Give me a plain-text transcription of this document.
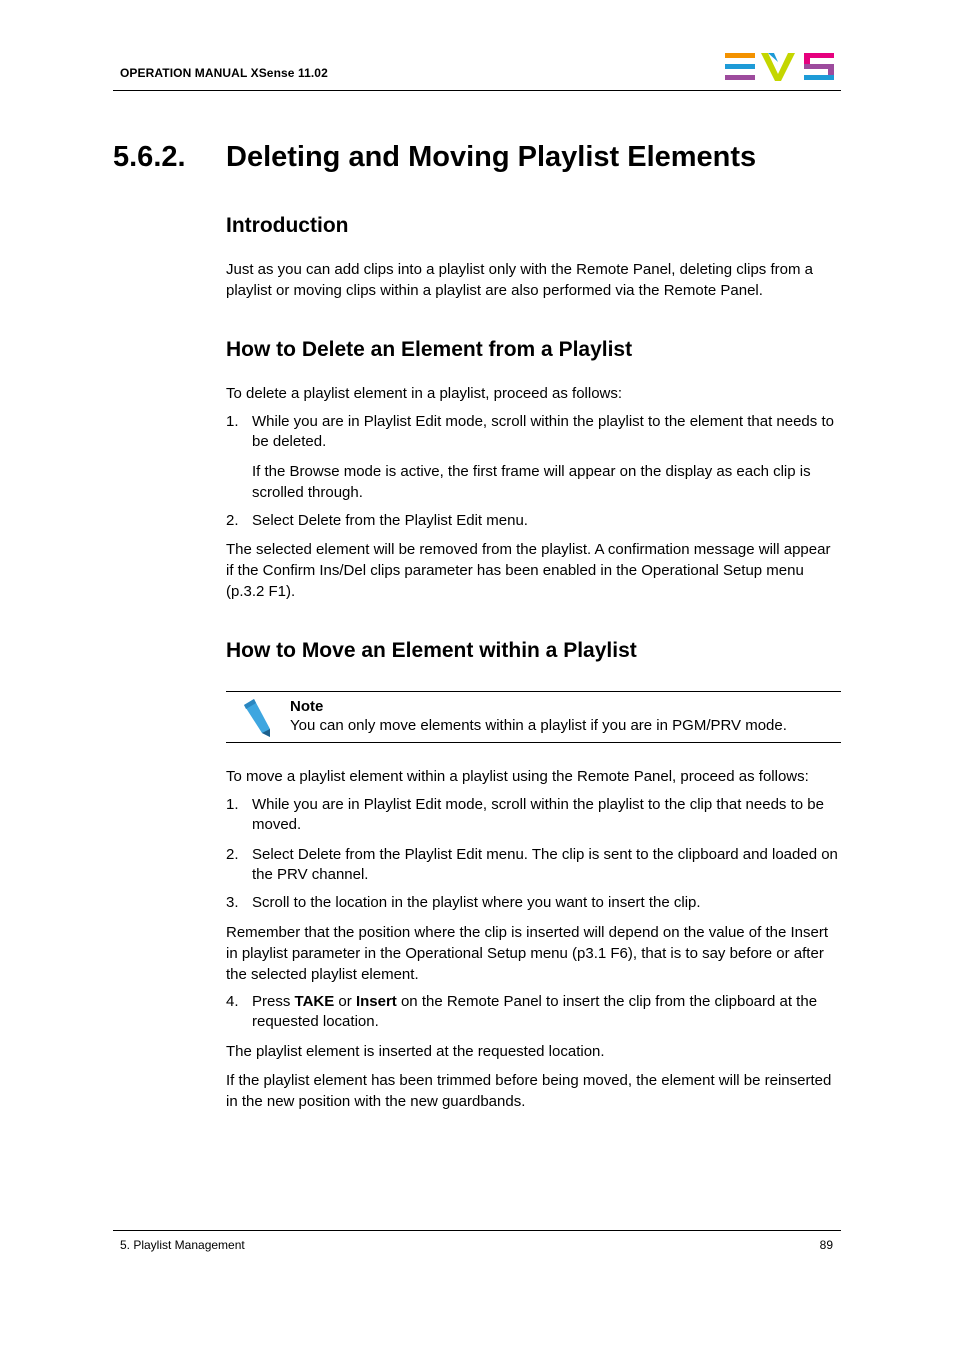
OPERATION MANUAL XSense 11.02
5.6.2. Deleting and Moving Playlist Elements
Introduction
Just as you can add clips into a playlist only with the Remote Panel, deleting clips from a playlist or moving clips within a playlist are also performed via the Remote Panel.
How to Delete an Element from a Playlist
To delete a playlist element in a playlist, proceed as follows:
1. While you are in Playlist Edit mode, scroll within the playlist to the element that needs to be deleted.
If the Browse mode is active, the first frame will appear on the display as each clip is scrolled through.
2. Select Delete from the Playlist Edit menu.
The selected element will be removed from the playlist. A confirmation message will appear if the Confirm Ins/Del clips parameter has been enabled in the Operational Setup menu (p.3.2 F1).
How to Move an Element within a Playlist
Note
You can only move elements within a playlist if you are in PGM/PRV mode.
To move a playlist element within a playlist using the Remote Panel, proceed as follows:
1. While you are in Playlist Edit mode, scroll within the playlist to the clip that needs to be moved.
2. Select Delete from the Playlist Edit menu. The clip is sent to the clipboard and loaded on the PRV channel.
3. Scroll to the location in the playlist where you want to insert the clip.
Remember that the position where the clip is inserted will depend on the value of the Insert in playlist parameter in the Operational Setup menu (p3.1 F6), that is to say before or after the selected playlist element.
4. Press TAKE or Insert on the Remote Panel to insert the clip from the clipboard at the requested location.
The playlist element is inserted at the requested location.
If the playlist element has been trimmed before being moved, the element will be reinserted in the new position with the new guardbands.
5. Playlist Management	89
